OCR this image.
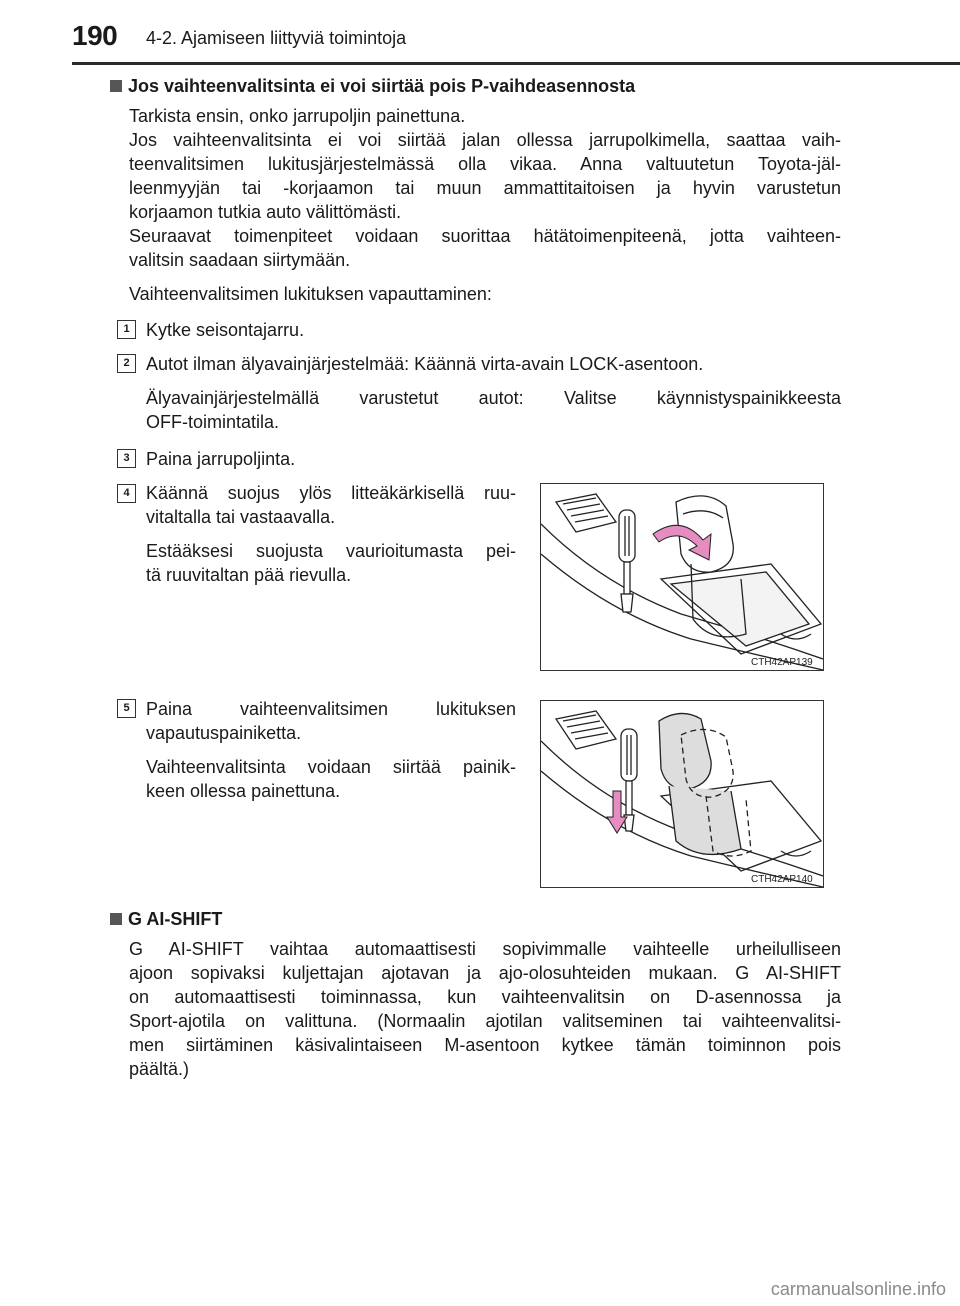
190 4-2. Ajamiseen liittyviä toimintoja
Jos vaihteenvalitsinta ei voi siirtää pois P-vaihdeasennosta
Tarkista ensin, onko jarrupoljin painettuna.
Jos vaihteenvalitsinta ei voi siirtää jalan ollessa jarrupolkimella, saattaa vaih-
teenvalitsimen lukitusjärjestelmässä olla vikaa. Anna valtuutetun Toyota-jäl-
leenmyyjän tai -korjaamon tai muun ammattitaitoisen ja hyvin varustetun
korjaamon tutkia auto välittömästi.
Seuraavat toimenpiteet voidaan suorittaa hätätoimenpiteenä, jotta vaihteen-
valitsin saadaan siirtymään.
Vaihteenvalitsimen lukituksen vapauttaminen:
1 Kytke seisontajarru.
2 Autot ilman älyavainjärjestelmää: Käännä virta-avain LOCK-asentoon.
Älyavainjärjestelmällä varustetut autot: Valitse käynnistyspainikkeesta
OFF-toimintatila.
3 Paina jarrupoljinta.
4 Käännä suojus ylös litteäkärkisellä ruu-
vitaltalla tai vastaavalla.
Estääksesi suojusta vaurioitumasta pei-
tä ruuvitaltan pää rievulla.
CTH42AP139
5 Paina vaihteenvalitsimen lukituksen
vapautuspainiketta.
Vaihteenvalitsinta voidaan siirtää painik-
keen ollessa painettuna.
CTH42AP140
G AI-SHIFT
G AI-SHIFT vaihtaa automaattisesti sopivimmalle vaihteelle urheilulliseen
ajoon sopivaksi kuljettajan ajotavan ja ajo-olosuhteiden mukaan. G AI-SHIFT
on automaattisesti toiminnassa, kun vaihteenvalitsin on D-asennossa ja
Sport-ajotila on valittuna. (Normaalin ajotilan valitseminen tai vaihteenvalitsi-
men siirtäminen käsivalintaiseen M-asentoon kytkee tämän toiminnon pois
päältä.)
carmanualsonline.info
